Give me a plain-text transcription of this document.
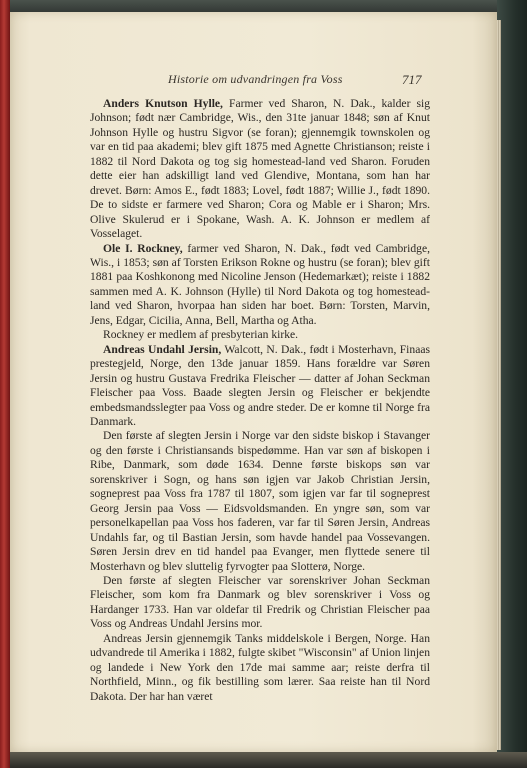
Historie om udvandringen fra Voss	717

Anders Knutson Hylle, Farmer ved Sharon, N. Dak., kalder sig Johnson; født nær Cambridge, Wis., den 31te januar 1848; søn af Knut Johnson Hylle og hustru Sigvor (se foran); gjennemgik townskolen og var en tid paa akademi; blev gift 1875 med Agnette Christianson; reiste i 1882 til Nord Dakota og tog sig homestead-land ved Sharon. Foruden dette eier han adskilligt land ved Glendive, Montana, som han har drevet. Børn: Amos E., født 1883; Lovel, født 1887; Willie J., født 1890. De to sidste er farmere ved Sharon; Cora og Mable er i Sharon; Mrs. Olive Skulerud er i Spokane, Wash. A. K. Johnson er medlem af Vosselaget.

Ole I. Rockney, farmer ved Sharon, N. Dak., født ved Cambridge, Wis., i 1853; søn af Torsten Erikson Rokne og hustru (se foran); blev gift 1881 paa Koshkonong med Nicoline Jenson (Hedemarkæt); reiste i 1882 sammen med A. K. Johnson (Hylle) til Nord Dakota og tog homestead-land ved Sharon, hvorpaa han siden har boet. Børn: Torsten, Marvin, Jens, Edgar, Cicilia, Anna, Bell, Martha og Atha.

Rockney er medlem af presbyterian kirke.

Andreas Undahl Jersin, Walcott, N. Dak., født i Mosterhavn, Finaas prestegjeld, Norge, den 13de januar 1859. Hans forældre var Søren Jersin og hustru Gustava Fredrika Fleischer — datter af Johan Seckman Fleischer paa Voss. Baade slegten Jersin og Fleischer er bekjendte embedsmandsslegter paa Voss og andre steder. De er komne til Norge fra Danmark.

Den første af slegten Jersin i Norge var den sidste biskop i Stavanger og den første i Christiansands bispedømme. Han var søn af biskopen i Ribe, Danmark, som døde 1634. Denne første biskops søn var sorenskriver i Sogn, og hans søn igjen var Jakob Christian Jersin, sogneprest paa Voss fra 1787 til 1807, som igjen var far til sogneprest Georg Jersin paa Voss — Eidsvoldsmanden. En yngre søn, som var personelkapellan paa Voss hos faderen, var far til Søren Jersin, Andreas Undahls far, og til Bastian Jersin, som havde handel paa Vossevangen. Søren Jersin drev en tid handel paa Evanger, men flyttede senere til Mosterhavn og blev sluttelig fyrvogter paa Slotterø, Norge.

Den første af slegten Fleischer var sorenskriver Johan Seckman Fleischer, som kom fra Danmark og blev sorenskriver i Voss og Hardanger 1733. Han var oldefar til Fredrik og Christian Fleischer paa Voss og Andreas Undahl Jersins mor.

Andreas Jersin gjennemgik Tanks middelskole i Bergen, Norge. Han udvandrede til Amerika i 1882, fulgte skibet "Wisconsin" af Union linjen og landede i New York den 17de mai samme aar; reiste derfra til Northfield, Minn., og fik bestilling som lærer. Saa reiste han til Nord Dakota. Der har han været
